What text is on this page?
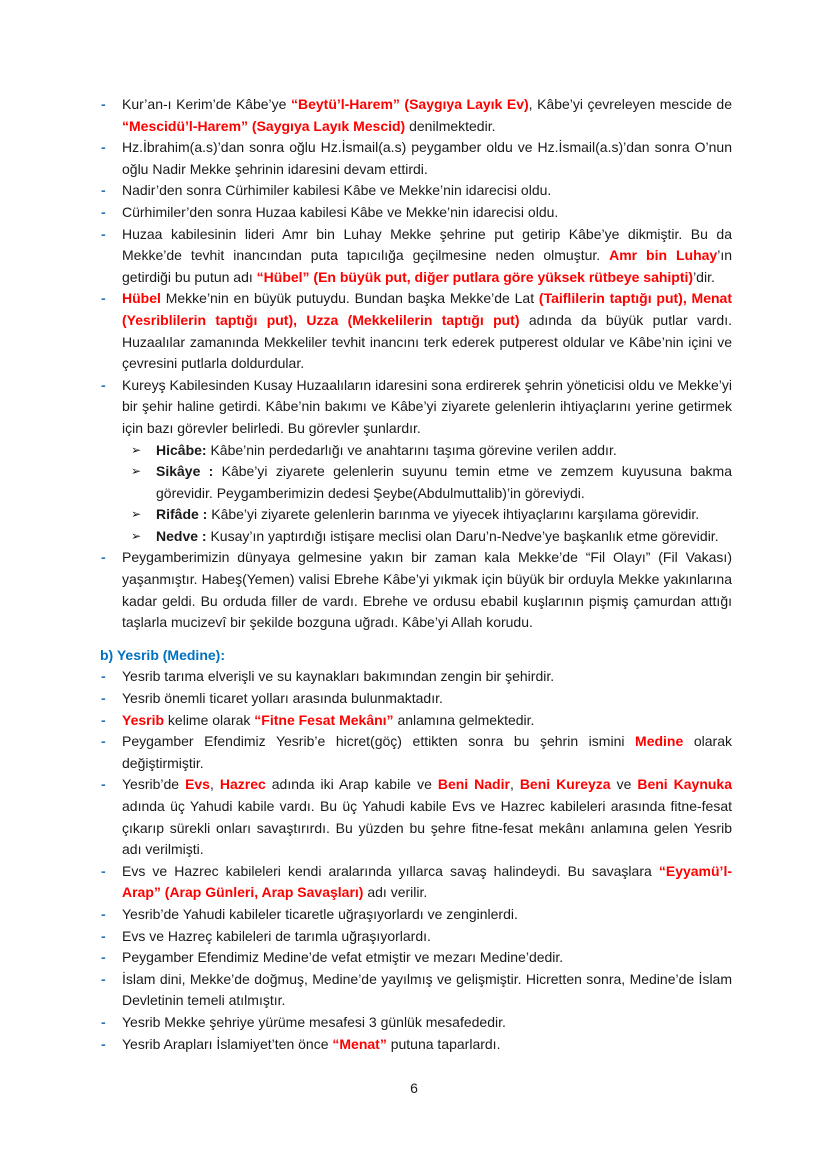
- Kur’an-ı Kerim’de Kâbe’ye “Beytü’l-Harem” (Saygıya Layık Ev), Kâbe’yi çevreleyen mescide de “Mescidü’l-Harem” (Saygıya Layık Mescid) denilmektedir.
- Hz.İbrahim(a.s)’dan sonra oğlu Hz.İsmail(a.s) peygamber oldu ve Hz.İsmail(a.s)’dan sonra O’nun oğlu Nadir Mekke şehrinin idaresini devam ettirdi.
- Nadir’den sonra Cürhimiler kabilesi Kâbe ve Mekke’nin idarecisi oldu.
- Cürhimiler’den sonra Huzaa kabilesi Kâbe ve Mekke’nin idarecisi oldu.
- Huzaa kabilesinin lideri Amr bin Luhay Mekke şehrine put getirip Kâbe’ye dikmiştir. Bu da Mekke’de tevhit inancından puta tapıcılığa geçilmesine neden olmuştur. Amr bin Luhay’ın getirdiği bu putun adı “Hübel” (En büyük put, diğer putlara göre yüksek rütbeye sahipti)’dir.
- Hübel Mekke’nin en büyük putuydu. Bundan başka Mekke’de Lat (Taiflilerin taptığı put), Menat (Yesriblilerin taptığı put), Uzza (Mekkelilerin taptığı put) adında da büyük putlar vardı. Huzaalılar zamanında Mekkeliler tevhit inancını terk ederek putperest oldular ve Kâbe’nin içini ve çevresini putlarla doldurdular.
- Kureyş Kabilesinden Kusay Huzaalıların idaresini sona erdirerek şehrin yöneticisi oldu ve Mekke’yi bir şehir haline getirdi. Kâbe’nin bakımı ve Kâbe’yi ziyarete gelenlerin ihtiyaçlarını yerine getirmek için bazı görevler belirledi. Bu görevler şunlardır.
➢ Hicâbe: Kâbe’nin perdedarlığı ve anahtarını taşıma görevine verilen addır.
➢ Sikâye : Kâbe’yi ziyarete gelenlerin suyunu temin etme ve zemzem kuyusuna bakma görevidir. Peygamberimizin dedesi Şeybe(Abdulmuttalib)’in göreviydi.
➢ Rifâde : Kâbe’yi ziyarete gelenlerin barınma ve yiyecek ihtiyaçlarını karşılama görevidir.
➢ Nedve : Kusay’ın yaptırdığı istişare meclisi olan Daru’n-Nedve’ye başkanlık etme görevidir.
- Peygamberimizin dünyaya gelmesine yakın bir zaman kala Mekke’de “Fil Olayı” (Fil Vakası) yaşanmıştır. Habeş(Yemen) valisi Ebrehe Kâbe’yi yıkmak için büyük bir orduyla Mekke yakınlarına kadar geldi. Bu orduda filler de vardı. Ebrehe ve ordusu ebabil kuşlarının pişmiş çamurdan attığı taşlarla mucizevî bir şekilde bozguna uğradı. Kâbe’yi Allah korudu.
b) Yesrib (Medine):
- Yesrib tarıma elverişli ve su kaynakları bakımından zengin bir şehirdir.
- Yesrib önemli ticaret yolları arasında bulunmaktadır.
- Yesrib kelime olarak “Fitne Fesat Mekânı” anlamına gelmektedir.
- Peygamber Efendimiz Yesrib’e hicret(göç) ettikten sonra bu şehrin ismini Medine olarak değiştirmiştir.
- Yesrib’de Evs, Hazrec adında iki Arap kabile ve Beni Nadir, Beni Kureyza ve Beni Kaynuka adında üç Yahudi kabile vardı. Bu üç Yahudi kabile Evs ve Hazrec kabileleri arasında fitne-fesat çıkarıp sürekli onları savaştırırdı. Bu yüzden bu şehre fitne-fesat mekânı anlamına gelen Yesrib adı verilmişti.
- Evs ve Hazrec kabileleri kendi aralarında yıllarca savaş halindeydi. Bu savaşlara “Eyyamü’l-Arap” (Arap Günleri, Arap Savaşları) adı verilir.
- Yesrib’de Yahudi kabileler ticaretle uğraşıyorlardı ve zenginlerdi.
- Evs ve Hazreç kabileleri de tarımla uğraşıyorlardı.
- Peygamber Efendimiz Medine’de vefat etmiştir ve mezarı Medine’dedir.
- İslam dini, Mekke’de doğmuş, Medine’de yayılmış ve gelişmiştir. Hicretten sonra, Medine’de İslam Devletinin temeli atılmıştır.
- Yesrib Mekke şehriye yürüme mesafesi 3 günlük mesafededir.
- Yesrib Arapları İslamiyet’ten önce “Menat” putuna taparlardı.
6
